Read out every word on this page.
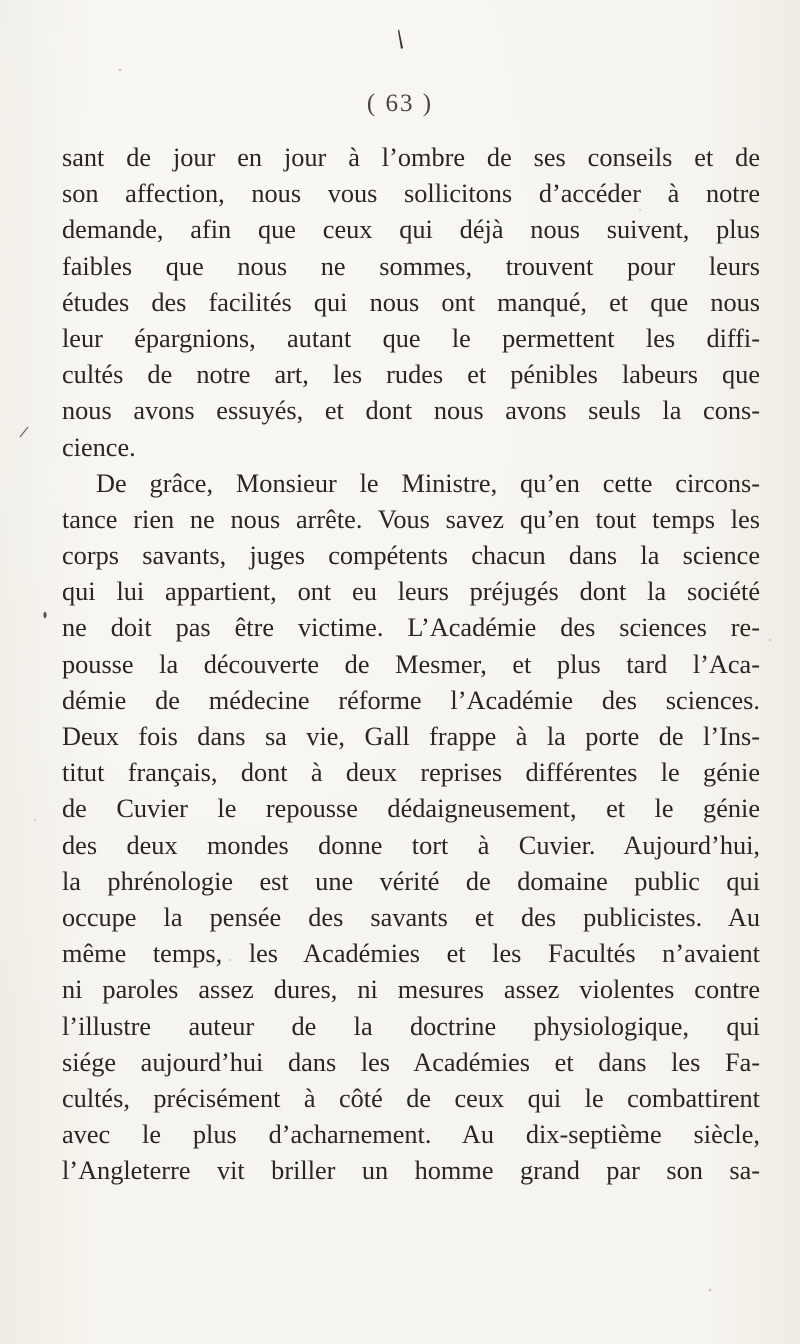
( 63 )
sant de jour en jour à l’ombre de ses conseils et de
son affection, nous vous sollicitons d’accéder à notre
demande, afin que ceux qui déjà nous suivent, plus
faibles que nous ne sommes, trouvent pour leurs
études des facilités qui nous ont manqué, et que nous
leur épargnions, autant que le permettent les diffi-
cultés de notre art, les rudes et pénibles labeurs que
nous avons essuyés, et dont nous avons seuls la cons-
cience.
De grâce, Monsieur le Ministre, qu’en cette circons-
tance rien ne nous arrête. Vous savez qu’en tout temps les
corps savants, juges compétents chacun dans la science
qui lui appartient, ont eu leurs préjugés dont la société
ne doit pas être victime. L’Académie des sciences re-
pousse la découverte de Mesmer, et plus tard l’Aca-
démie de médecine réforme l’Académie des sciences.
Deux fois dans sa vie, Gall frappe à la porte de l’Ins-
titut français, dont à deux reprises différentes le génie
de Cuvier le repousse dédaigneusement, et le génie
des deux mondes donne tort à Cuvier. Aujourd’hui,
la phrénologie est une vérité de domaine public qui
occupe la pensée des savants et des publicistes. Au
même temps, les Académies et les Facultés n’avaient
ni paroles assez dures, ni mesures assez violentes contre
l’illustre auteur de la doctrine physiologique, qui
siége aujourd’hui dans les Académies et dans les Fa-
cultés, précisément à côté de ceux qui le combattirent
avec le plus d’acharnement. Au dix-septième siècle,
l’Angleterre vit briller un homme grand par son sa-
